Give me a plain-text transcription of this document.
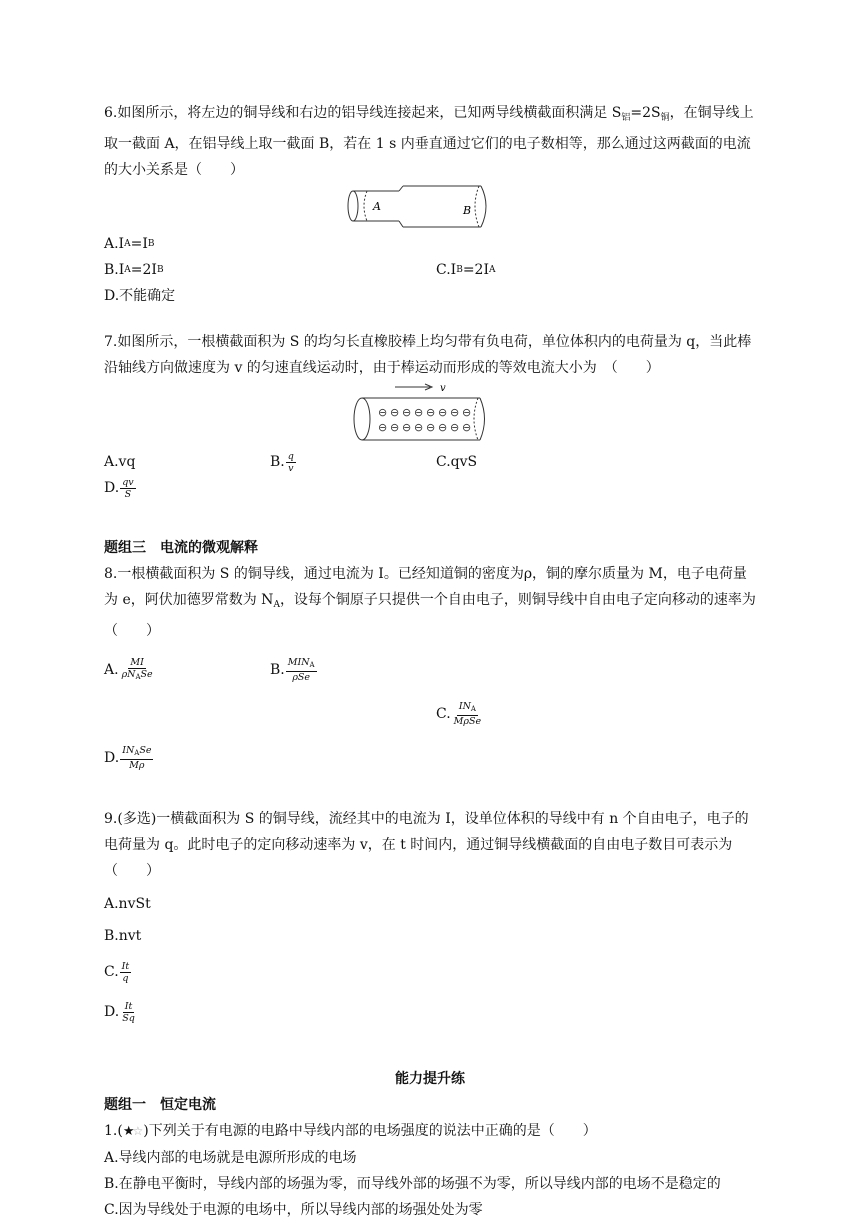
6.如图所示，将左边的铜导线和右边的铝导线连接起来，已知两导线横截面积满足 $S_铝=2S_铜$，在铜导线上取一截面 A，在铝导线上取一截面 B，若在 1 s 内垂直通过它们的电子数相等，那么通过这两截面的电流的大小关系是（　　）

A	B
A.I A =I B
B.I A =2I B	C.I B =2I A
D.不能确定

7.如图所示，一根横截面积为 S 的均匀长直橡胶棒上均匀带有负电荷，单位体积内的电荷量为 q，当此棒沿轴线方向做速度为 v 的匀速直线运动时，由于棒运动而形成的等效电流大小为　（　　）

v
⊖ ⊖ ⊖ ⊖ ⊖ ⊖ ⊖ ⊖
⊖ ⊖ ⊖ ⊖ ⊖ ⊖ ⊖ ⊖
A.vq	B. $\frac{q}{v}$	C.qvS
D. $\frac{qv}{S}$

题组三　电流的微观解释

8.一根横截面积为 S 的铜导线，通过电流为 I。已经知道铜的密度为ρ，铜的摩尔质量为 M，电子电荷量为 e，阿伏加德罗常数为 $N_A$，设每个铜原子只提供一个自由电子，则铜导线中自由电子定向移动的速率为（　　）

A. $\frac{MI}{\rho N_ASe}$	B. $\frac{MIN_A}{\text{ρSe}}$
C. $\frac{IN_A}{\text{MρSe}}$
D. $\frac{IN_ASe}{M\rho}$

9.(多选)一横截面积为 S 的铜导线，流经其中的电流为 I，设单位体积的导线中有 n 个自由电子，电子的电荷量为 q。此时电子的定向移动速率为 v，在 t 时间内，通过铜导线横截面的自由电子数目可表示为（　　）

A.nvSt
B.nvt
C. $\frac{It}{q}$
D. $\frac{It}{Sq}$

能力提升练

题组一　恒定电流

1.(★☆)下列关于有电源的电路中导线内部的电场强度的说法中正确的是（　　）

A.导线内部的电场就是电源所形成的电场

B.在静电平衡时，导线内部的场强为零，而导线外部的场强不为零，所以导线内部的电场不是稳定的

C.因为导线处于电源的电场中，所以导线内部的场强处处为零
